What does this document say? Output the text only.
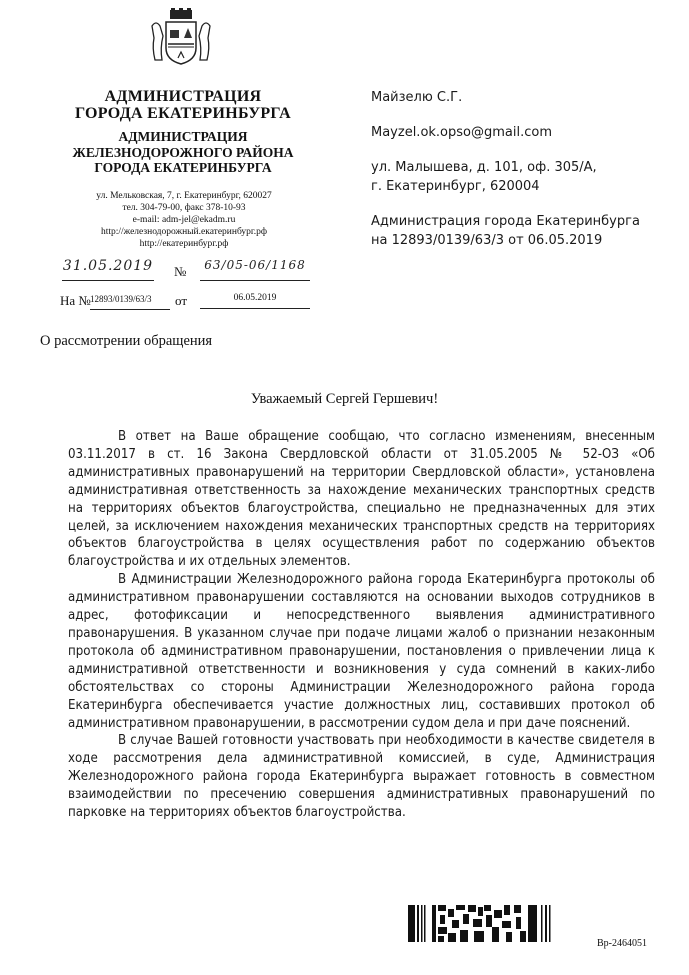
АДМИНИСТРАЦИЯ
ГОРОДА ЕКАТЕРИНБУРГА
АДМИНИСТРАЦИЯ
ЖЕЛЕЗНОДОРОЖНОГО РАЙОНА
ГОРОДА ЕКАТЕРИНБУРГА
ул. Мельковская, 7, г. Екатеринбург, 620027
тел. 304-79-00, факс 378-10-93
e-mail: adm-jel@ekadm.ru
http://железнодорожный.екатеринбург.рф
http://екатеринбург.рф
31.05.2019 №	63/05-06/1168
На № 12893/0139/63/3	от	06.05.2019

Майзелю С.Г.

Mayzel.ok.opso@gmail.com

ул. Малышева, д. 101, оф. 305/А,

г. Екатеринбург, 620004

Администрация города Екатеринбурга

на 12893/0139/63/3 от 06.05.2019

О рассмотрении обращения
Уважаемый Сергей Гершевич!

В ответ на Ваше обращение сообщаю, что согласно изменениям, внесенным 03.11.2017 в ст. 16 Закона Свердловской области от 31.05.2005 № 52-ОЗ «Об административных правонарушений на территории Свердловской области», установлена административная ответственность за нахождение механических транспортных средств на территориях объектов благоустройства, специально не предназначенных для этих целей, за исключением нахождения механических транспортных средств на территориях объектов благоустройства в целях осуществления работ по содержанию объектов благоустройства и их отдельных элементов.

В Администрации Железнодорожного района города Екатеринбурга протоколы об административном правонарушении составляются на основании выходов сотрудников в адрес, фотофиксации и непосредственного выявления административного правонарушения. В указанном случае при подаче лицами жалоб о признании незаконным протокола об административном правонарушении, постановления о привлечении лица к административной ответственности и возникновения у суда сомнений в каких-либо обстоятельствах со стороны Администрации Железнодорожного района города Екатеринбурга обеспечивается участие должностных лиц, составивших протокол об административном правонарушении, в рассмотрении судом дела и при даче пояснений.

В случае Вашей готовности участвовать при необходимости в качестве свидетеля в ходе рассмотрения дела административной комиссией, в суде, Администрация Железнодорожного района города Екатеринбурга выражает готовность в совместном взаимодействии по пресечению совершения административных правонарушений по парковке на территориях объектов благоустройства.

Вр-2464051
